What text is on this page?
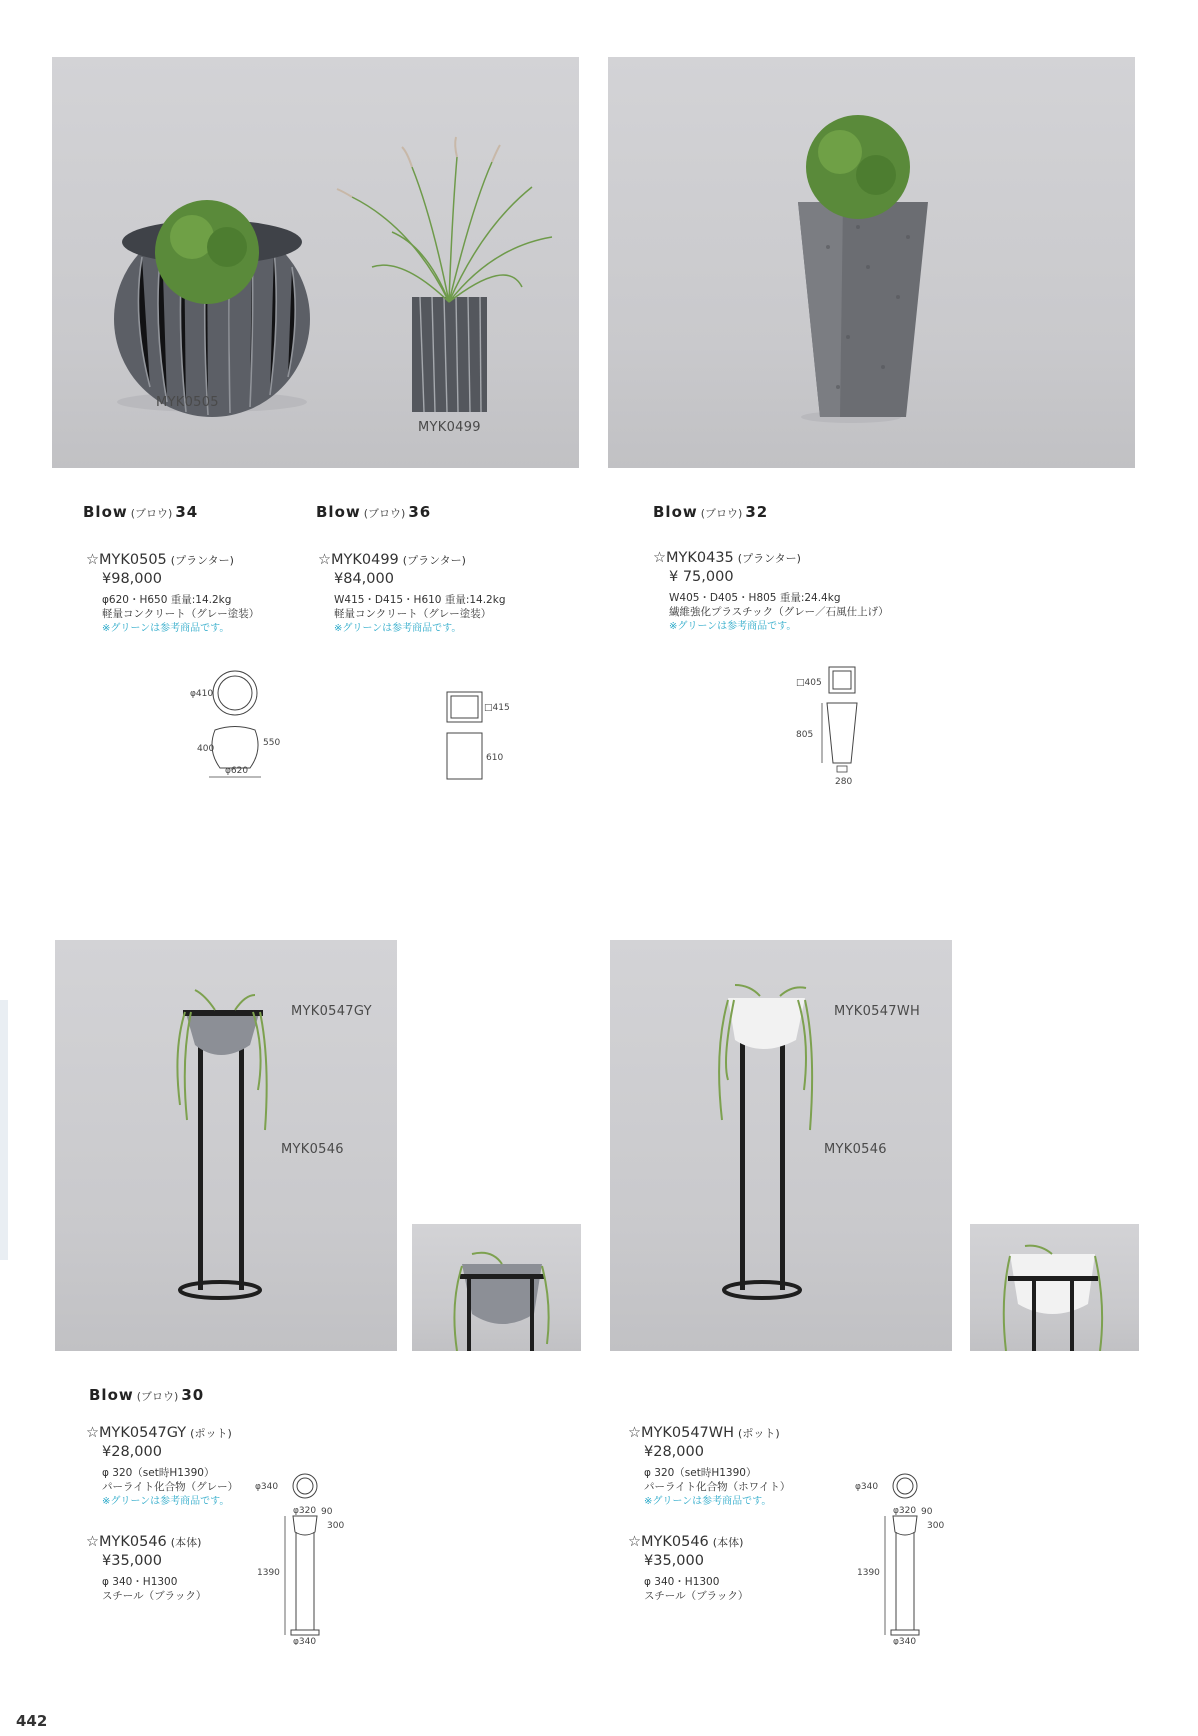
MYK0505
MYK0499
Blow (ブロウ) 34	Blow (ブロウ) 36	Blow (ブロウ) 32
☆MYK0505 (プランター)
¥98,000
φ620・H650 重量:14.2kg
軽量コンクリート（グレー塗装）
※グリーンは参考商品です。
☆MYK0499 (プランター)
¥84,000
W415・D415・H610 重量:14.2kg
軽量コンクリート（グレー塗装）
※グリーンは参考商品です。
☆MYK0435 (プランター)
¥ 75,000
W405・D405・H805 重量:24.4kg
繊維強化プラスチック（グレー／石風仕上げ）
※グリーンは参考商品です。
φ410
400
550
φ620
□415
610
□405
805
280
MYK0547GY
MYK0546
MYK0547WH
MYK0546
Blow (ブロウ) 30
☆MYK0547GY (ポット)
¥28,000
φ 320（set時H1390）
パーライト化合物（グレー）
※グリーンは参考商品です。
☆MYK0546 (本体)
¥35,000
φ 340・H1300
スチール（ブラック）
☆MYK0547WH (ポット)
¥28,000
φ 320（set時H1390）
パーライト化合物（ホワイト）
※グリーンは参考商品です。
☆MYK0546 (本体)
¥35,000
φ 340・H1300
スチール（ブラック）
φ340
φ320 90
300
1390
φ340
φ340
φ320 90
300
1390
φ340
442
